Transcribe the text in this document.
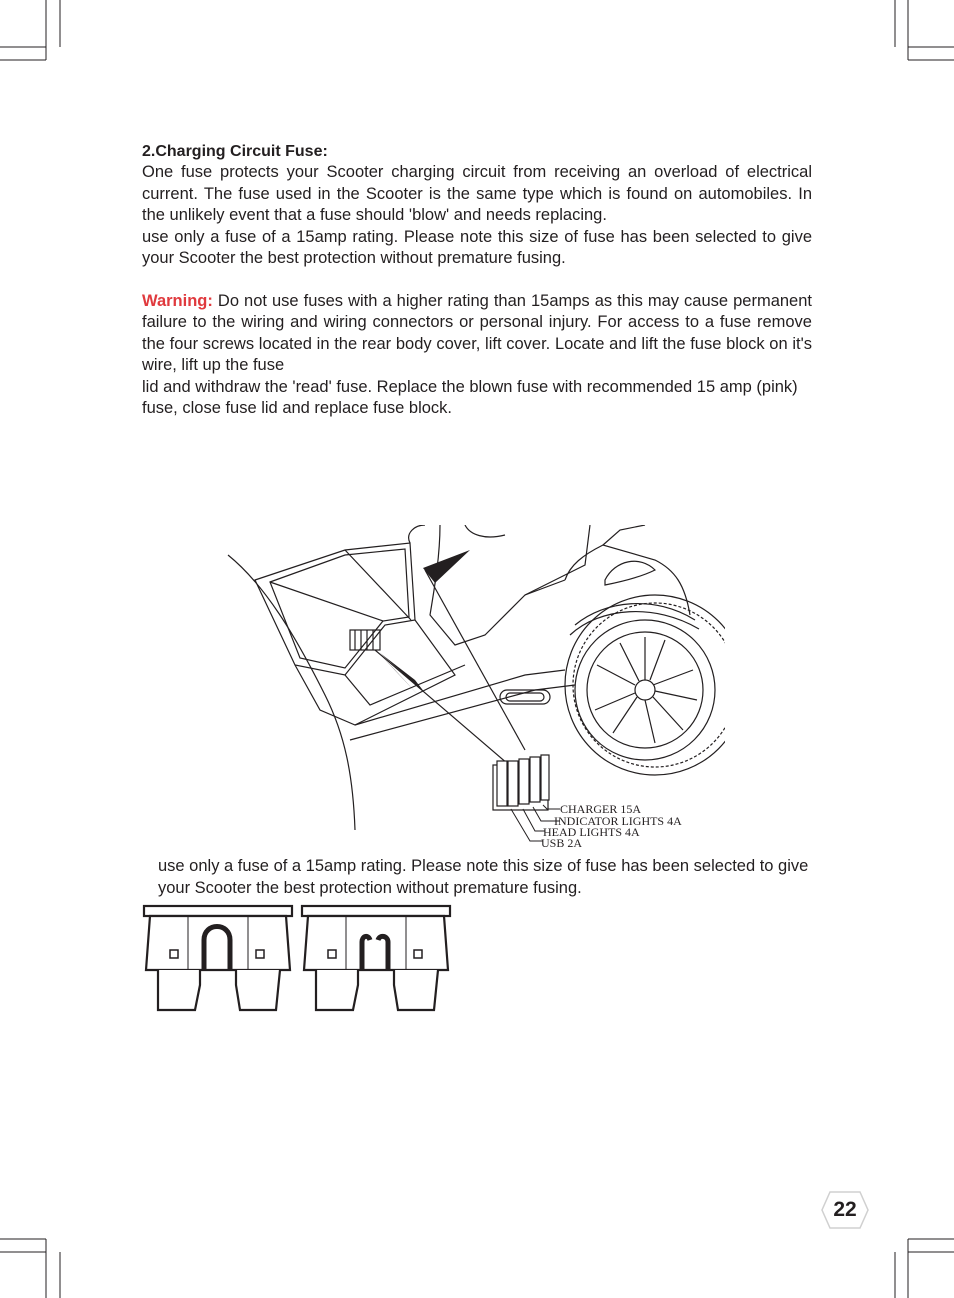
2.Charging Circuit Fuse:

One fuse protects your Scooter charging circuit from receiving an overload of electrical current. The fuse used in the Scooter is the same type which is found on automobiles. In the unlikely event that a fuse should 'blow' and needs replacing.

use only a fuse of a 15amp rating. Please note this size of fuse has been selected to give your Scooter the best protection without premature fusing.

Warning: Do not use fuses with a higher rating than 15amps as this may cause permanent failure to the wiring and wiring connectors or personal injury. For access to a fuse remove the four screws located in the rear body cover, lift cover. Locate and lift the fuse block on it's wire, lift up the fuse

lid and withdraw the 'read' fuse. Replace the blown fuse with recommended 15 amp (pink) fuse, close fuse lid and replace fuse block.

CHARGER 15A
INDICATOR LIGHTS 4A
HEAD LIGHTS 4A
USB 2A

use only a fuse of a 15amp rating. Please note this size of fuse has been selected to give your Scooter the best protection without premature fusing.

22
